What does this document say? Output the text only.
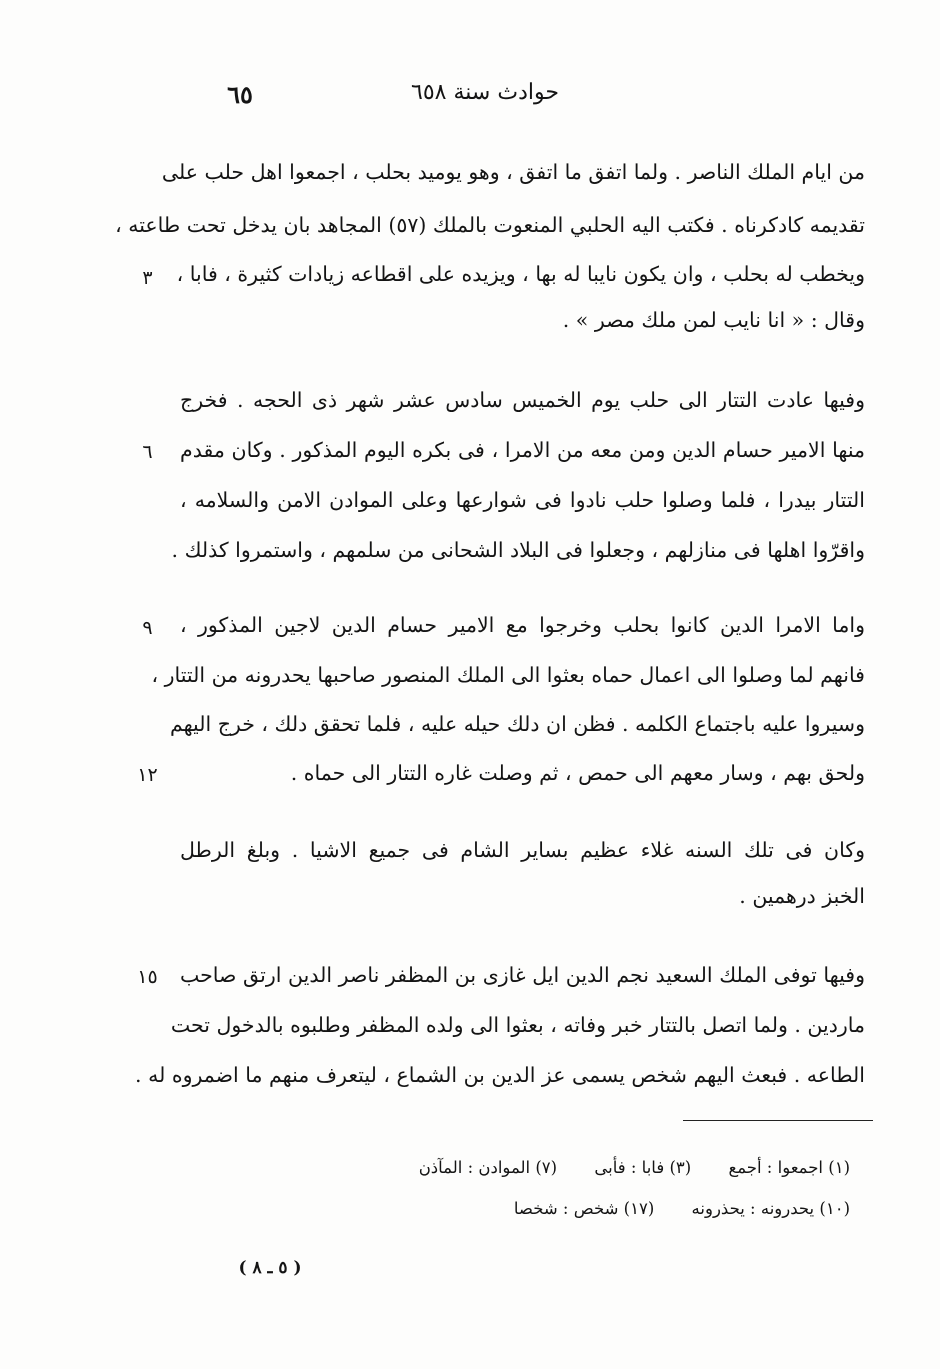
حوادث سنة ٦٥٨
٦٥
من ايام الملك الناصر . ولما اتفق ما اتفق ، وهو يوميد بحلب ، اجمعوا اهل حلب على
تقديمه كادكرناه . فكتب اليه الحلبي المنعوت بالملك (٥٧) المجاهد بان يدخل تحت طاعته ،
ويخطب له بحلب ، وان يكون نايبا له بها ، ويزيده على اقطاعه زيادات كثيرة ، فابا ،
٣
وقال : « انا نايب لمن ملك مصر » .
وفيها عادت التتار الى حلب يوم الخميس سادس عشر شهر ذى الحجه . فخرج
منها الامير حسام الدين ومن معه من الامرا ، فى بكره اليوم المذكور . وكان مقدم
٦
التتار بيدرا ، فلما وصلوا حلب نادوا فى شوارعها وعلى الموادن الامن والسلامه ،
واقرّوا اهلها فى منازلهم ، وجعلوا فى البلاد الشحانى من سلمهم ، واستمروا كذلك .
واما الامرا الدين كانوا بحلب وخرجوا مع الامير حسام الدين لاجين المذكور ،
٩
فانهم لما وصلوا الى اعمال حماه بعثوا الى الملك المنصور صاحبها يحدرونه من التتار ،
وسيروا عليه باجتماع الكلمه . فظن ان دلك حيله عليه ، فلما تحقق دلك ، خرج اليهم
ولحق بهم ، وسار معهم الى حمص ، ثم وصلت غاره التتار الى حماه .
١٢
وكان فى تلك السنه غلاء عظيم بساير الشام فى جميع الاشيا . وبلغ الرطل
الخبز درهمين .
وفيها توفى الملك السعيد نجم الدين ايل غازى بن المظفر ناصر الدين ارتق صاحب
١٥
ماردين . ولما اتصل بالتتار خبر وفاته ، بعثوا الى ولده المظفر وطلبوه بالدخول تحت
الطاعه . فبعث اليهم شخص يسمى عز الدين بن الشماع ، ليتعرف منهم ما اضمروه له .
(١) اجمعوا : أجمع (٣) فابا : فأبى (٧) الموادن : المآذن
(١٠) يحدرونه : يحذرونه (١٧) شخص : شخصا
( ٥ ـ ٨ )
